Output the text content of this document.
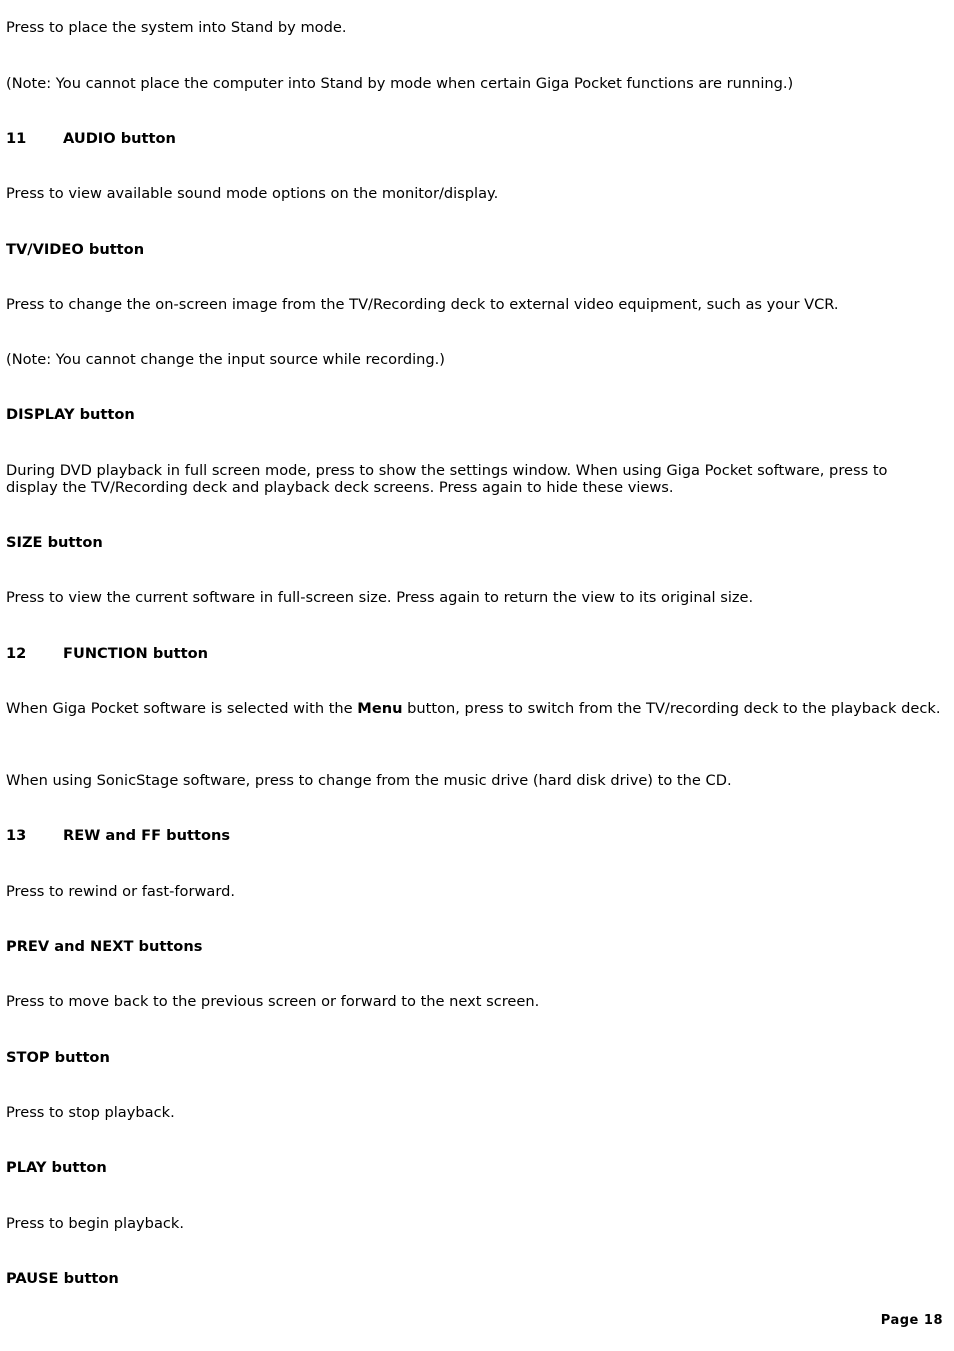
Press to place the system into Stand by mode.
(Note: You cannot place the computer into Stand by mode when certain Giga Pocket functions are running.)
11	AUDIO button
Press to view available sound mode options on the monitor/display.
TV/VIDEO button
Press to change the on-screen image from the TV/Recording deck to external video equipment, such as your VCR.
(Note: You cannot change the input source while recording.)
DISPLAY button
During DVD playback in full screen mode, press to show the settings window. When using Giga Pocket software, press to display the TV/Recording deck and playback deck screens. Press again to hide these views.
SIZE button
Press to view the current software in full-screen size. Press again to return the view to its original size.
12	FUNCTION button
When Giga Pocket software is selected with the Menu button, press to switch from the TV/recording deck to the playback deck.
When using SonicStage software, press to change from the music drive (hard disk drive) to the CD.
13	REW and FF buttons
Press to rewind or fast-forward.
PREV and NEXT buttons
Press to move back to the previous screen or forward to the next screen.
STOP button
Press to stop playback.
PLAY button
Press to begin playback.
PAUSE button
Page 18
